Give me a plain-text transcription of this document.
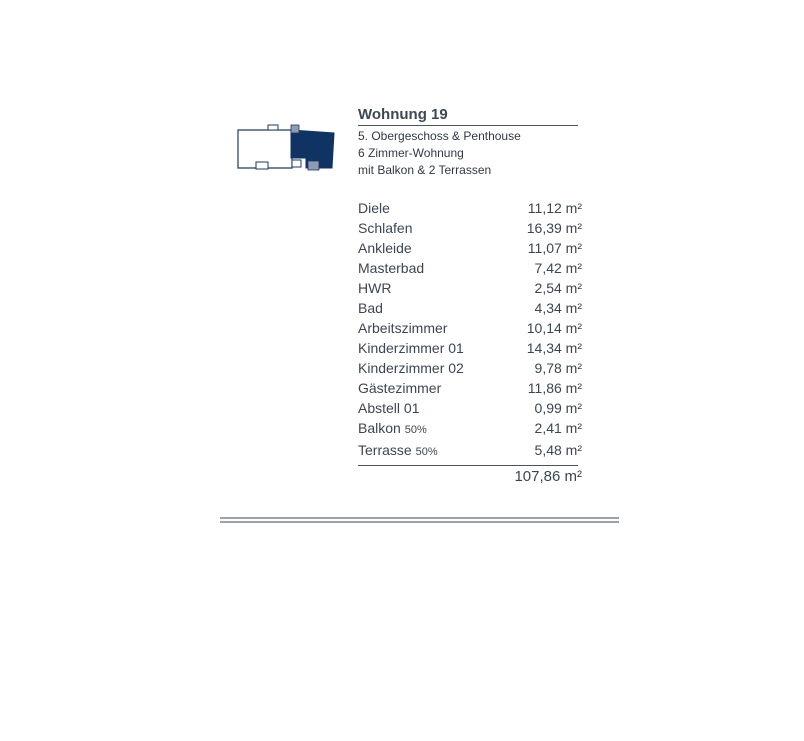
Wohnung 19
5. Obergeschoss & Penthouse
6 Zimmer-Wohnung
mit Balkon & 2 Terrassen
Diele	11,12 m²
Schlafen	16,39 m²
Ankleide	11,07 m²
Masterbad	7,42 m²
HWR	2,54 m²
Bad	4,34 m²
Arbeitszimmer	10,14 m²
Kinderzimmer 01	14,34 m²
Kinderzimmer 02	9,78 m²
Gästezimmer	11,86 m²
Abstell 01	0,99 m²
Balkon 50%	2,41 m²
Terrasse 50%	5,48 m²
107,86 m²
